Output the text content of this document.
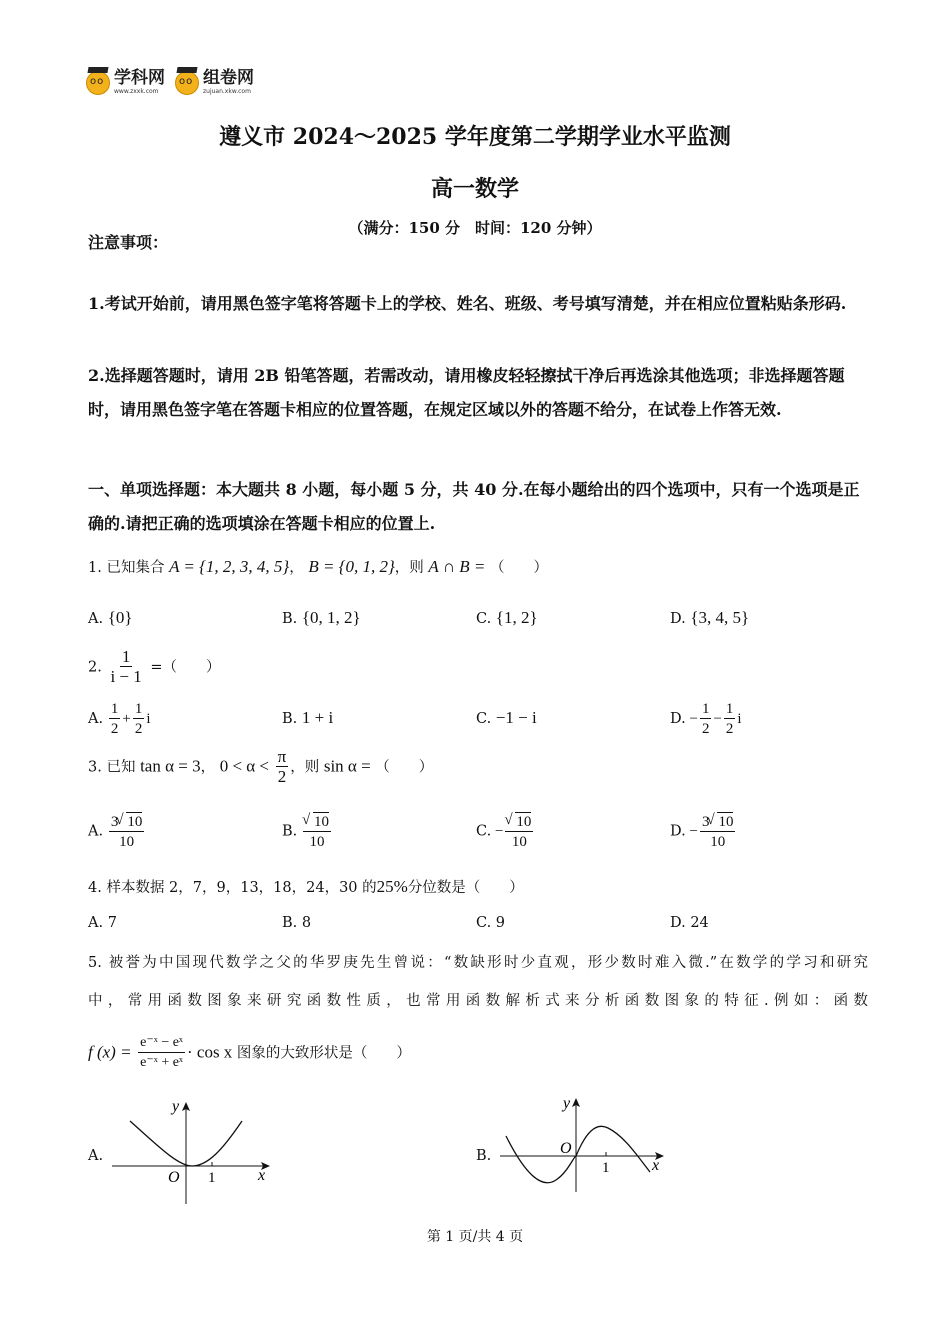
oo
学科网
www.zxxk.com
oo
组卷网
zujuan.xkw.com
遵义市 2024～2025 学年度第二学期学业水平监测
高一数学
（满分：150 分　时间：120 分钟）
注意事项：
1.考试开始前，请用黑色签字笔将答题卡上的学校、姓名、班级、考号填写清楚，并在相应位置粘贴条形码.
2.选择题答题时，请用 2B 铅笔答题，若需改动，请用橡皮轻轻擦拭干净后再选涂其他选项；非选择题答题时，请用黑色签字笔在答题卡相应的位置答题，在规定区域以外的答题不给分，在试卷上作答无效.
一、单项选择题：本大题共 8 小题，每小题 5 分，共 40 分.在每小题给出的四个选项中，只有一个选项是正确的.请把正确的选项填涂在答题卡相应的位置上.
1. 已知集合 A = {1, 2, 3, 4, 5}， B = {0, 1, 2}，则 A ∩ B = （　　）
A. {0}	B. {0, 1, 2}	C. {1, 2}	D. {3, 4, 5}
2. $\frac{1}{i - 1}$ =（　　）
A. $\frac{1}{2} + \frac{1}{2}$ i	B. 1 + i	C. −1 − i	D. − $\frac{1}{2} - \frac{1}{2}$ i
3. 已知 tan α = 3， $0 < \alpha < \frac{\pi}{2}$ ，则 sin α = （　　）
A. $\frac{3 √ 10}{10}$	B. √ $\frac{10}{10}$	C. − √ $\frac{10}{10}$	D. − $\frac{3 √ 10}{10}$
4. 样本数据 2，7，9，13，18，24，30 的25%分位数是（　　）
A. 7	B. 8	C. 9	D. 24
5. 被誉为中国现代数学之父的华罗庚先生曾说：“数缺形时少直观，形少数时难入微.”在数学的学习和研究
中，常用函数图象来研究函数性质，也常用函数解析式来分析函数图象的特征.例如：函数
f $(x) = \frac{\text{e⁻ˣ − eˣ}}{\text{e⁻ˣ + eˣ}} \cdot \cos x$ 图象的大致形状是（　　）
A.
x
y
O 1
B.
x
y
O
1
第 1 页/共 4 页
